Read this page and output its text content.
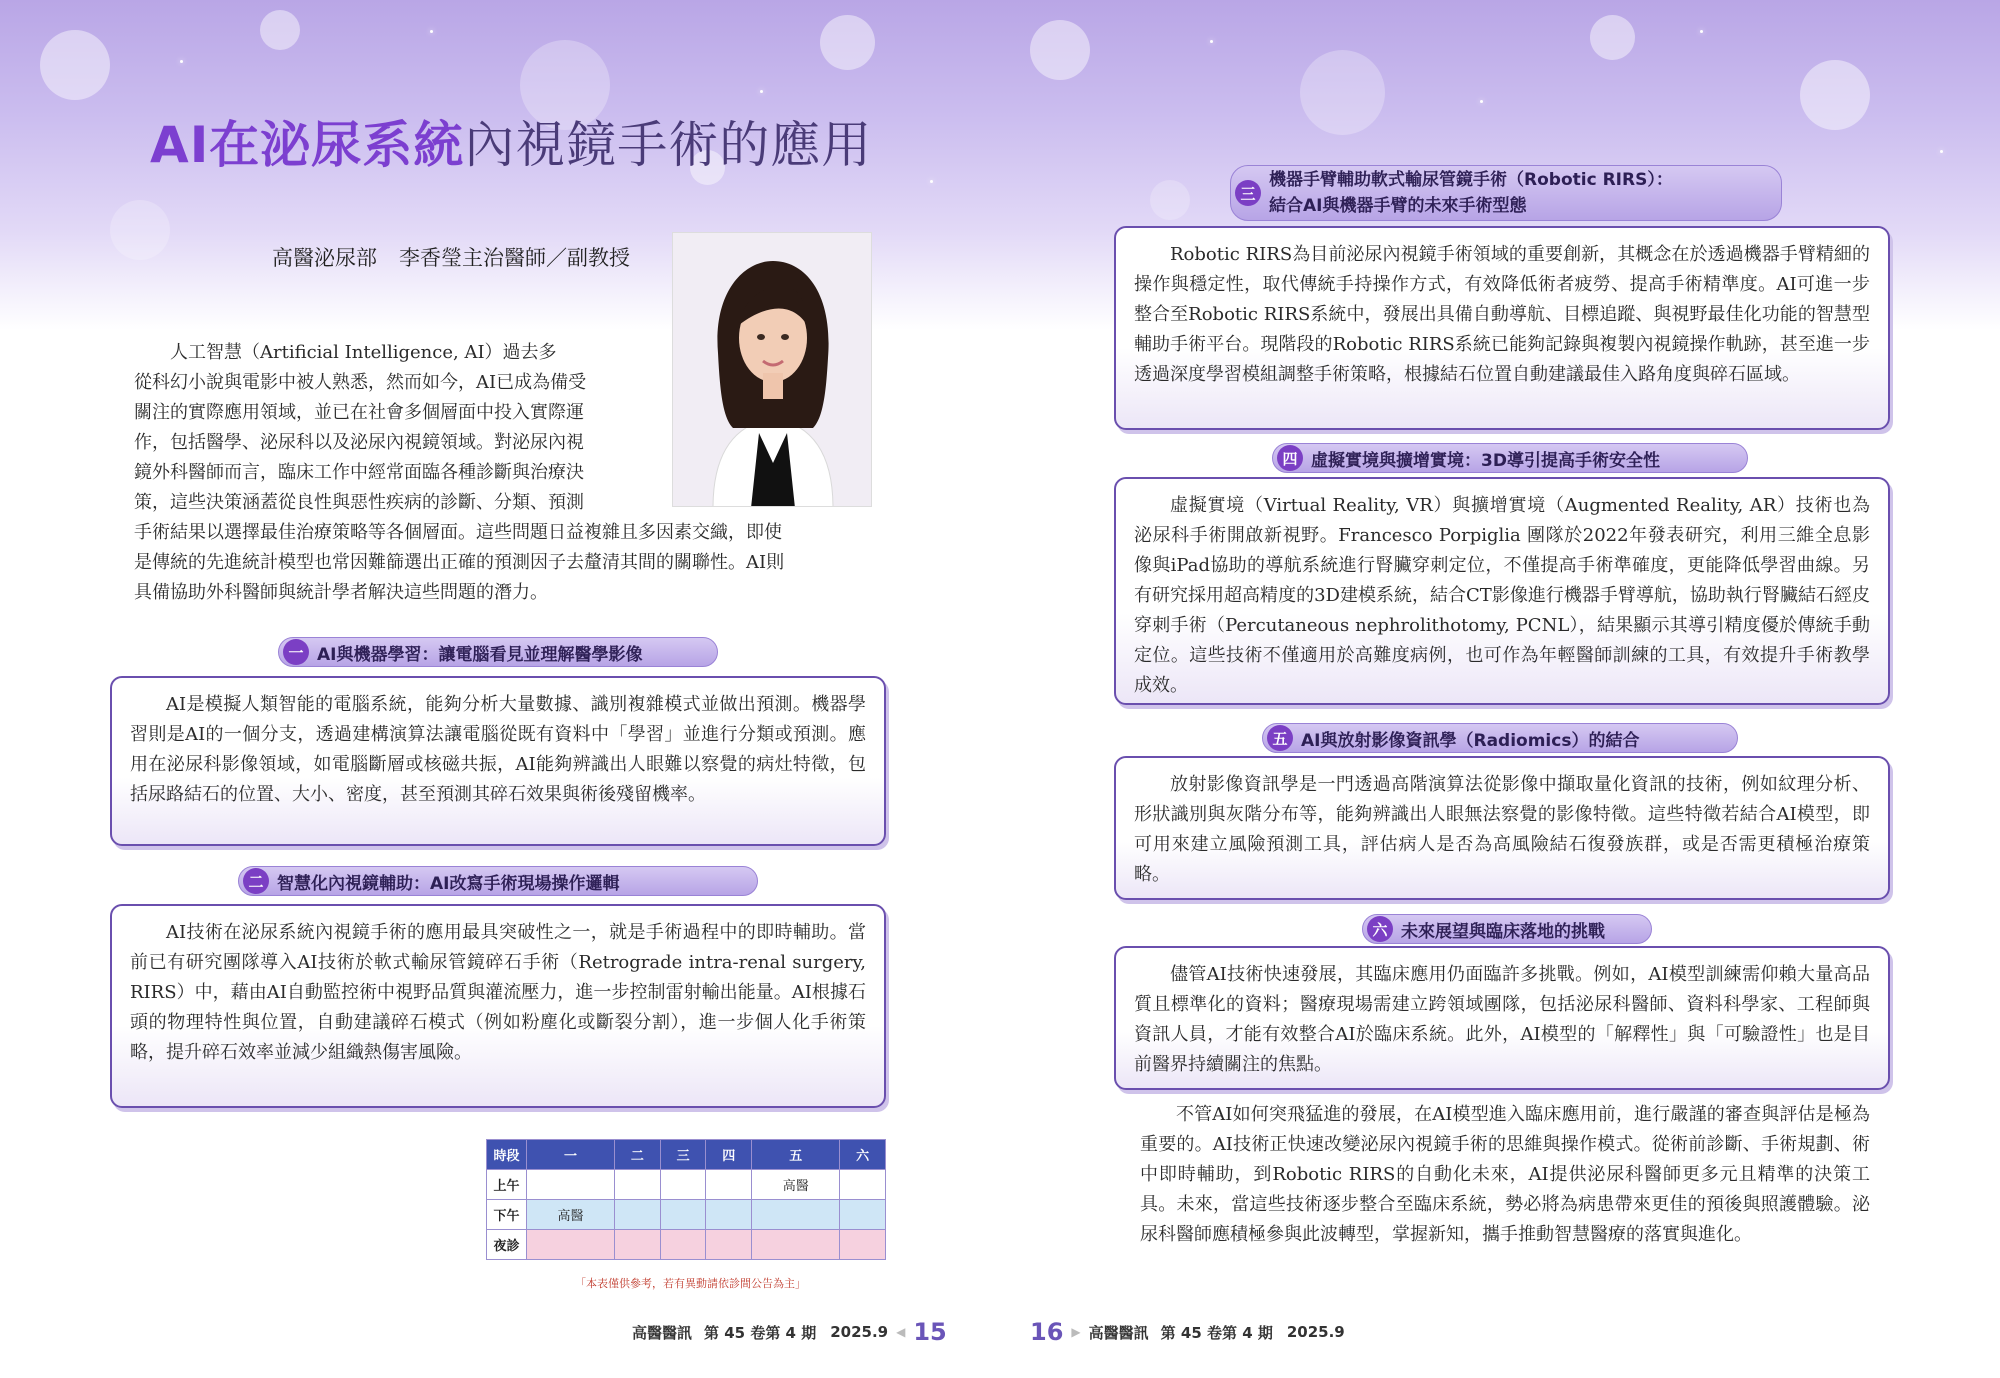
AI在泌尿系統內視鏡手術的應用
高醫泌尿部 李香瑩主治醫師／副教授
人工智慧（Artificial Intelligence, AI）過去多
從科幻小說與電影中被人熟悉，然而如今，AI已成為備受
關注的實際應用領域，並已在社會多個層面中投入實際運
作，包括醫學、泌尿科以及泌尿內視鏡領域。對泌尿內視
鏡外科醫師而言，臨床工作中經常面臨各種診斷與治療決
策，這些決策涵蓋從良性與惡性疾病的診斷、分類、預測
手術結果以選擇最佳治療策略等各個層面。這些問題日益複雜且多因素交織，即使
是傳統的先進統計模型也常因難篩選出正確的預測因子去釐清其間的關聯性。AI則
具備協助外科醫師與統計學者解決這些問題的潛力。
一 AI與機器學習：讓電腦看見並理解醫學影像
AI是模擬人類智能的電腦系統，能夠分析大量數據、識別複雜模式並做出預測。機器學習則是AI的一個分支，透過建構演算法讓電腦從既有資料中「學習」並進行分類或預測。應用在泌尿科影像領域，如電腦斷層或核磁共振，AI能夠辨識出人眼難以察覺的病灶特徵，包括尿路結石的位置、大小、密度，甚至預測其碎石效果與術後殘留機率。
二 智慧化內視鏡輔助：AI改寫手術現場操作邏輯
AI技術在泌尿系統內視鏡手術的應用最具突破性之一，就是手術過程中的即時輔助。當前已有研究團隊導入AI技術於軟式輸尿管鏡碎石手術（Retrograde intra-renal surgery, RIRS）中，藉由AI自動監控術中視野品質與灌流壓力，進一步控制雷射輸出能量。AI根據石頭的物理特性與位置，自動建議碎石模式（例如粉塵化或斷裂分割），進一步個人化手術策略，提升碎石效率並減少組織熱傷害風險。
時段	一	二	三	四	五	六
上午					高醫	
下午	高醫					
夜診						
「本表僅供參考，若有異動請依診間公告為主」
高醫醫訊 第 45 卷第 4 期 2025.9 ◀ 15
三
機器手臂輔助軟式輸尿管鏡手術（Robotic RIRS）：
結合AI與機器手臂的未來手術型態
Robotic RIRS為目前泌尿內視鏡手術領域的重要創新，其概念在於透過機器手臂精細的操作與穩定性，取代傳統手持操作方式，有效降低術者疲勞、提高手術精準度。AI可進一步整合至Robotic RIRS系統中，發展出具備自動導航、目標追蹤、與視野最佳化功能的智慧型輔助手術平台。現階段的Robotic RIRS系統已能夠記錄與複製內視鏡操作軌跡，甚至進一步透過深度學習模組調整手術策略，根據結石位置自動建議最佳入路角度與碎石區域。
四 虛擬實境與擴增實境：3D導引提高手術安全性
虛擬實境（Virtual Reality, VR）與擴增實境（Augmented Reality, AR）技術也為泌尿科手術開啟新視野。Francesco Porpiglia 團隊於2022年發表研究，利用三維全息影像與iPad協助的導航系統進行腎臟穿刺定位，不僅提高手術準確度，更能降低學習曲線。另有研究採用超高精度的3D建模系統，結合CT影像進行機器手臂導航，協助執行腎臟結石經皮穿刺手術（Percutaneous nephrolithotomy, PCNL），結果顯示其導引精度優於傳統手動定位。這些技術不僅適用於高難度病例，也可作為年輕醫師訓練的工具，有效提升手術教學成效。
五 AI與放射影像資訊學（Radiomics）的結合
放射影像資訊學是一門透過高階演算法從影像中擷取量化資訊的技術，例如紋理分析、形狀識別與灰階分布等，能夠辨識出人眼無法察覺的影像特徵。這些特徵若結合AI模型，即可用來建立風險預測工具，評估病人是否為高風險結石復發族群，或是否需更積極治療策略。
六 未來展望與臨床落地的挑戰
儘管AI技術快速發展，其臨床應用仍面臨許多挑戰。例如，AI模型訓練需仰賴大量高品質且標準化的資料；醫療現場需建立跨領域團隊，包括泌尿科醫師、資料科學家、工程師與資訊人員，才能有效整合AI於臨床系統。此外，AI模型的「解釋性」與「可驗證性」也是目前醫界持續關注的焦點。
不管AI如何突飛猛進的發展，在AI模型進入臨床應用前，進行嚴謹的審查與評估是極為重要的。AI技術正快速改變泌尿內視鏡手術的思維與操作模式。從術前診斷、手術規劃、術中即時輔助，到Robotic RIRS的自動化未來，AI提供泌尿科醫師更多元且精準的決策工具。未來，當這些技術逐步整合至臨床系統，勢必將為病患帶來更佳的預後與照護體驗。泌尿科醫師應積極參與此波轉型，掌握新知，攜手推動智慧醫療的落實與進化。
16 ▶ 高醫醫訊 第 45 卷第 4 期 2025.9
